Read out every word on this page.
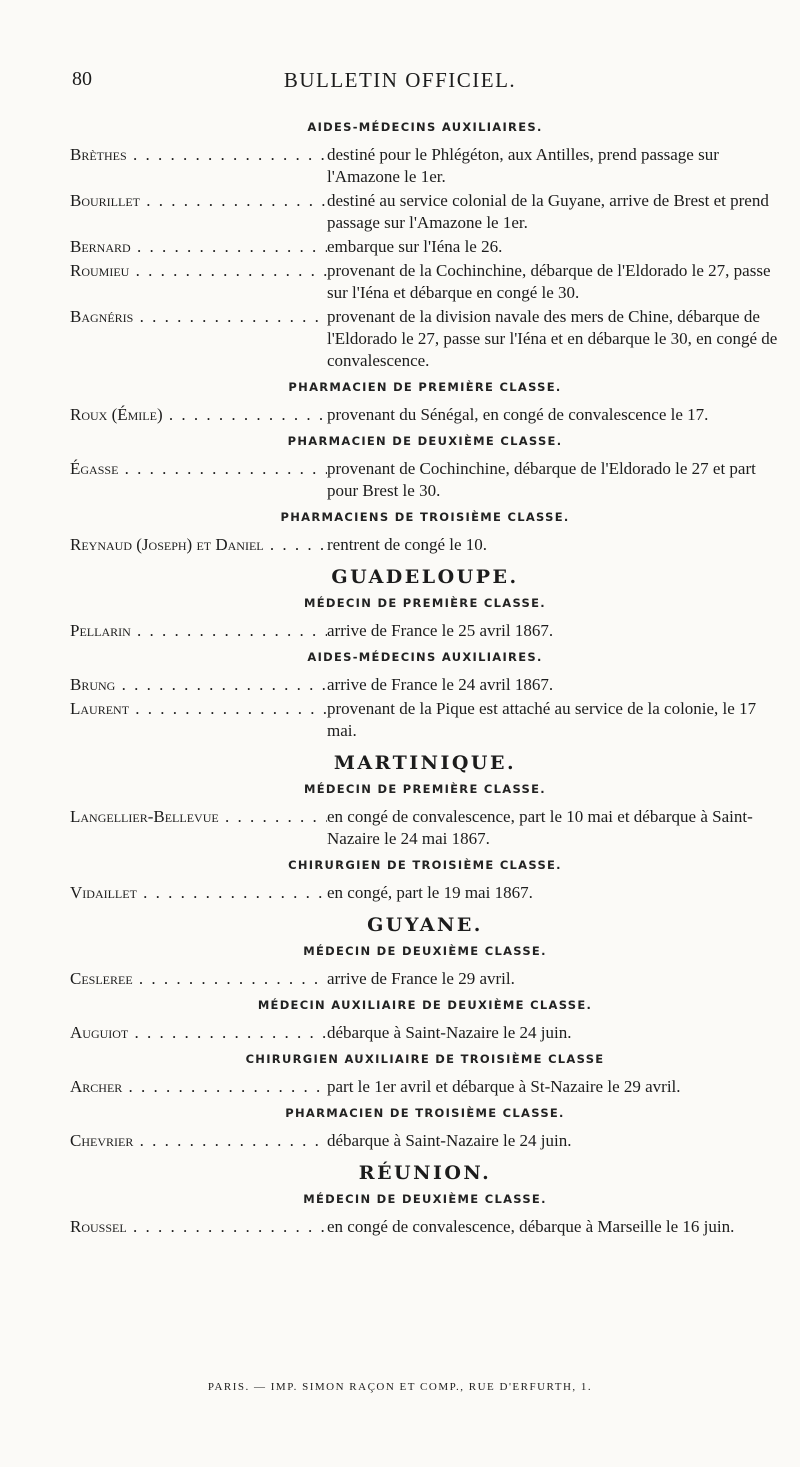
80	BULLETIN OFFICIEL.
AIDES-MÉDECINS AUXILIAIRES.
Brèthes . . .	destiné pour le Phlégéton, aux Antilles, prend passage sur l'Amazone le 1er.
Bourillet . . .	destiné au service colonial de la Guyane, arrive de Brest et prend passage sur l'Amazone le 1er.
Bernard . . .	embarque sur l'Iéna le 26.
Roumieu . . .	provenant de la Cochinchine, débarque de l'Eldorado le 27, passe sur l'Iéna et débarque en congé le 30.
Bagnéris . . .	provenant de la division navale des mers de Chine, débarque de l'Eldorado le 27, passe sur l'Iéna et en débarque le 30, en congé de convalescence.
PHARMACIEN DE PREMIÈRE CLASSE.
Roux (Émile) . . .	provenant du Sénégal, en congé de convalescence le 17.
PHARMACIEN DE DEUXIÈME CLASSE.
Égasse . . .	provenant de Cochinchine, débarque de l'Eldorado le 27 et part pour Brest le 30.
PHARMACIENS DE TROISIÈME CLASSE.
Reynaud (Joseph) et Daniel . . .	rentrent de congé le 10.
GUADELOUPE.
MÉDECIN DE PREMIÈRE CLASSE.
Pellarin . . .	arrive de France le 25 avril 1867.
AIDES-MÉDECINS AUXILIAIRES.
Brung . . .	arrive de France le 24 avril 1867.
Laurent . . .	provenant de la Pique est attaché au service de la colonie, le 17 mai.
MARTINIQUE.
MÉDECIN DE PREMIÈRE CLASSE.
Langellier-Bellevue . . .	en congé de convalescence, part le 10 mai et débarque à Saint-Nazaire le 24 mai 1867.
CHIRURGIEN DE TROISIÈME CLASSE.
Vidaillet . . .	en congé, part le 19 mai 1867.
GUYANE.
MÉDECIN DE DEUXIÈME CLASSE.
Cesleree . . .	arrive de France le 29 avril.
MÉDECIN AUXILIAIRE DE DEUXIÈME CLASSE.
Auguiot . . .	débarque à Saint-Nazaire le 24 juin.
CHIRURGIEN AUXILIAIRE DE TROISIÈME CLASSE
Archer . . .	part le 1er avril et débarque à St-Nazaire le 29 avril.
PHARMACIEN DE TROISIÈME CLASSE.
Chevrier . . .	débarque à Saint-Nazaire le 24 juin.
RÉUNION.
MÉDECIN DE DEUXIÈME CLASSE.
Roussel . . .	en congé de convalescence, débarque à Marseille le 16 juin.
PARIS. — IMP. SIMON RAÇON ET COMP., RUE D'ERFURTH, 1.
